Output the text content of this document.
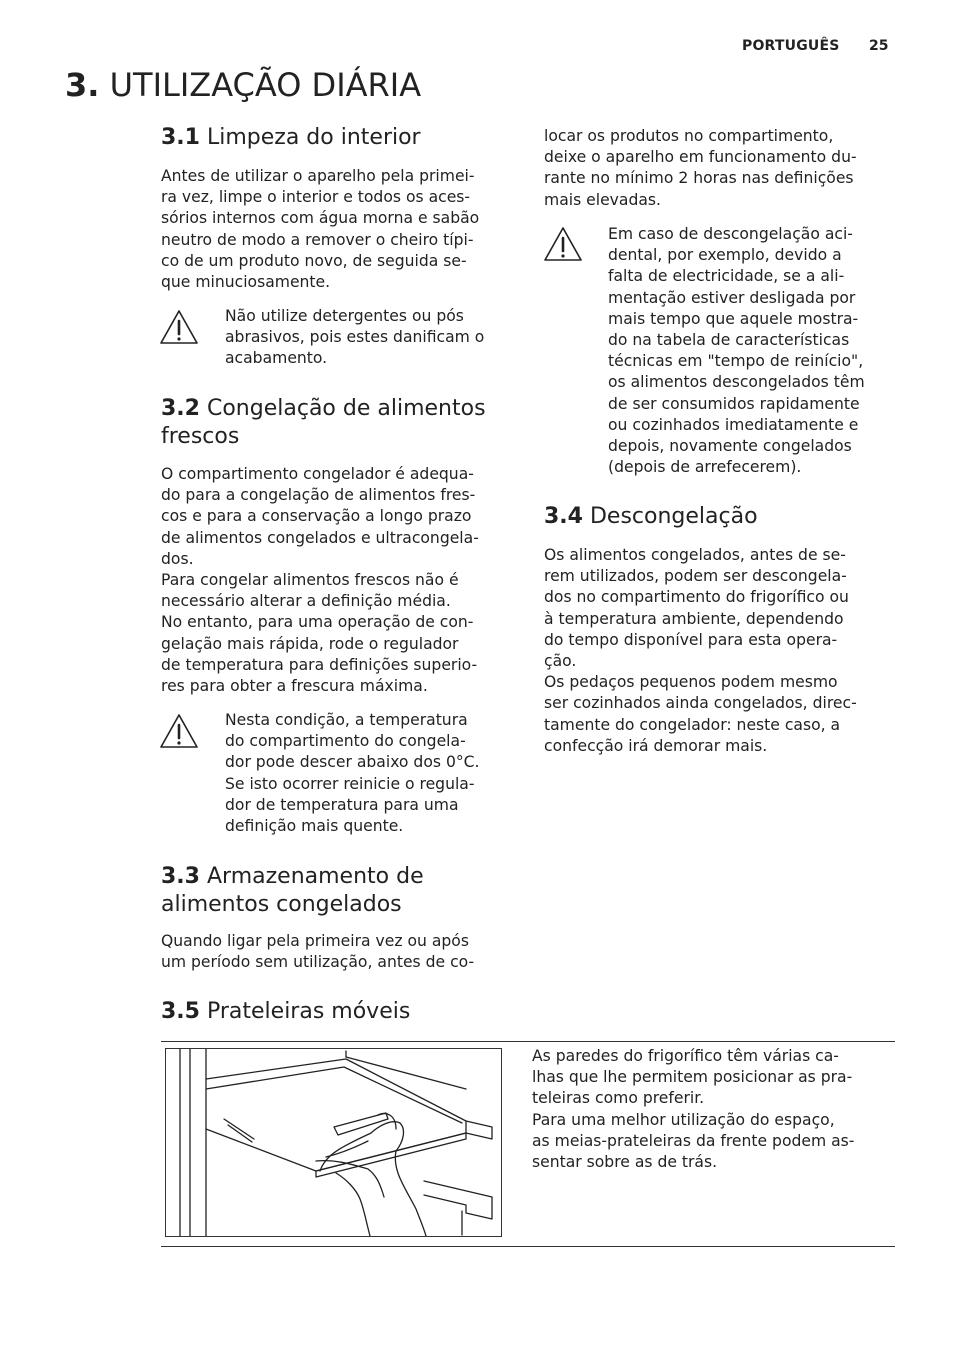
PORTUGUÊS 25
3. UTILIZAÇÃO DIÁRIA
3.1 Limpeza do interior

Antes de utilizar o aparelho pela primei-
ra vez, limpe o interior e todos os aces-
sórios internos com água morna e sabão
neutro de modo a remover o cheiro típi-
co de um produto novo, de seguida se-
que minuciosamente.

Não utilize detergentes ou pós
abrasivos, pois estes danificam o
acabamento.

3.2 Congelação de alimentos
frescos

O compartimento congelador é adequa-
do para a congelação de alimentos fres-
cos e para a conservação a longo prazo
de alimentos congelados e ultracongela-
dos.
Para congelar alimentos frescos não é
necessário alterar a definição média.
No entanto, para uma operação de con-
gelação mais rápida, rode o regulador
de temperatura para definições superio-
res para obter a frescura máxima.

Nesta condição, a temperatura
do compartimento do congela-
dor pode descer abaixo dos 0°C.
Se isto ocorrer reinicie o regula-
dor de temperatura para uma
definição mais quente.

3.3 Armazenamento de
alimentos congelados

Quando ligar pela primeira vez ou após
um período sem utilização, antes de co-

locar os produtos no compartimento,
deixe o aparelho em funcionamento du-
rante no mínimo 2 horas nas definições
mais elevadas.

Em caso de descongelação aci-
dental, por exemplo, devido a
falta de electricidade, se a ali-
mentação estiver desligada por
mais tempo que aquele mostra-
do na tabela de características
técnicas em "tempo de reinício",
os alimentos descongelados têm
de ser consumidos rapidamente
ou cozinhados imediatamente e
depois, novamente congelados
(depois de arrefecerem).

3.4 Descongelação

Os alimentos congelados, antes de se-
rem utilizados, podem ser descongela-
dos no compartimento do frigorífico ou
à temperatura ambiente, dependendo
do tempo disponível para esta opera-
ção.
Os pedaços pequenos podem mesmo
ser cozinhados ainda congelados, direc-
tamente do congelador: neste caso, a
confecção irá demorar mais.

3.5 Prateleiras móveis

As paredes do frigorífico têm várias ca-
lhas que lhe permitem posicionar as pra-
teleiras como preferir.
Para uma melhor utilização do espaço,
as meias-prateleiras da frente podem as-
sentar sobre as de trás.
